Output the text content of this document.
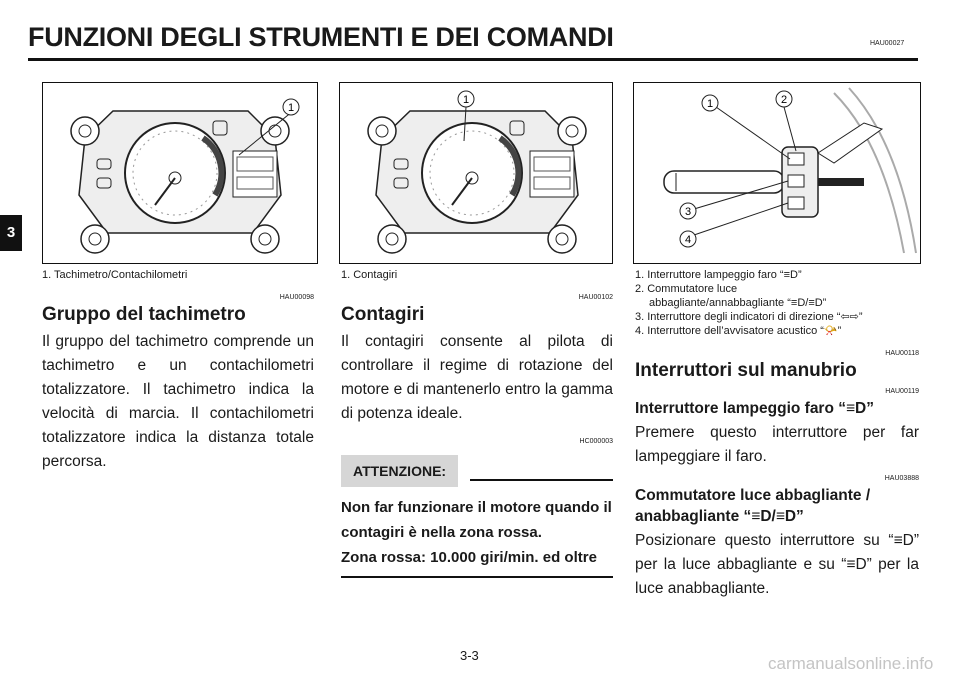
FUNZIONI DEGLI STRUMENTI E DEI COMANDI	HAU00027
3
1
1	1	2
3
4
1. Tachimetro/Contachilometri
HAU00098
Gruppo del tachimetro

Il gruppo del tachimetro comprende un tachimetro e un contachilometri totalizzatore. Il tachimetro indica la velocità di marcia. Il contachilometri totalizzatore indica la distanza totale percorsa.

1. Contagiri
HAU00102
Contagiri

Il contagiri consente al pilota di controllare il regime di rotazione del motore e di mantenerlo entro la gamma di potenza ideale.

HC000003
ATTENZIONE:
Non far funzionare il motore quando il contagiri è nella zona rossa.
Zona rossa: 10.000 giri/min. ed oltre
1. Interruttore lampeggio faro “≡D”
2. Commutatore luce
abbagliante/annabbagliante “≡D/≡D”
3. Interruttore degli indicatori di direzione “⇦⇨”
4. Interruttore dell’avvisatore acustico “📯”
HAU00118
Interruttori sul manubrio
HAU00119
Interruttore lampeggio faro “≡D”

Premere questo interruttore per far lampeggiare il faro.

HAU03888
Commutatore luce abbagliante / anabbagliante “≡D/≡D”

Posizionare questo interruttore su “≡D” per la luce abbagliante e su “≡D” per la luce anabbagliante.

3-3	carmanualsonline.info
